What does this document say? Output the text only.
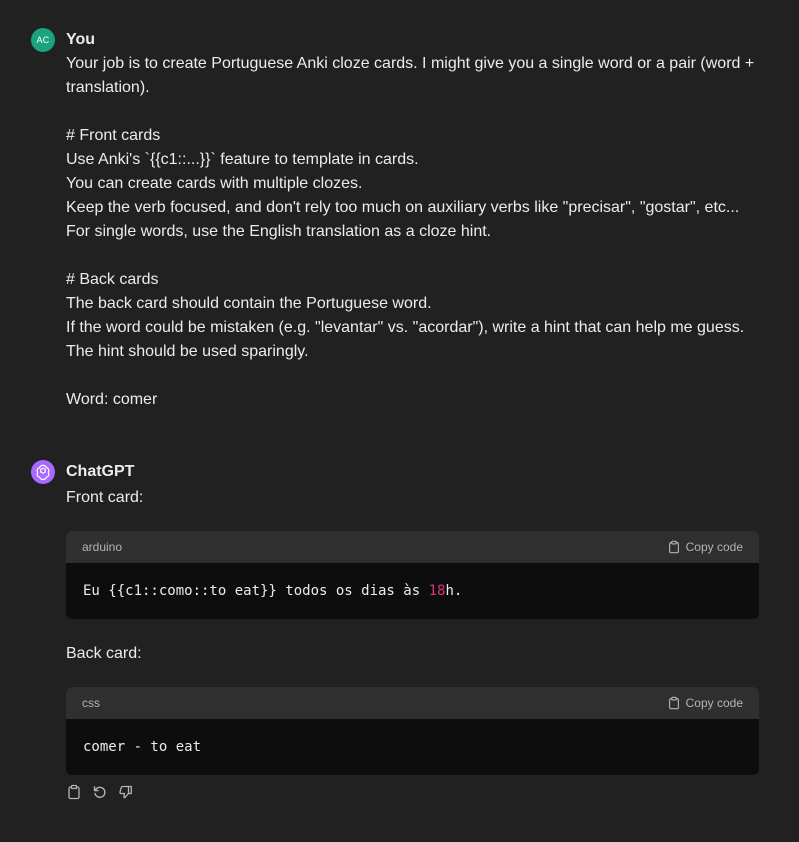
AC You

Your job is to create Portuguese Anki cloze cards. I might give you a single word or a pair (word +

translation).

# Front cards

Use Anki's `{{c1::...}}` feature to template in cards.

You can create cards with multiple clozes.

Keep the verb focused, and don't rely too much on auxiliary verbs like "precisar", "gostar", etc...

For single words, use the English translation as a cloze hint.

# Back cards

The back card should contain the Portuguese word.

If the word could be mistaken (e.g. "levantar" vs. "acordar"), write a hint that can help me guess.

The hint should be used sparingly.

Word: comer

ChatGPT

Front card:

arduino	Copy code
Eu {{c1::como::to eat}} todos os dias às 18 h.

Back card:

css	Copy code
comer - to eat
